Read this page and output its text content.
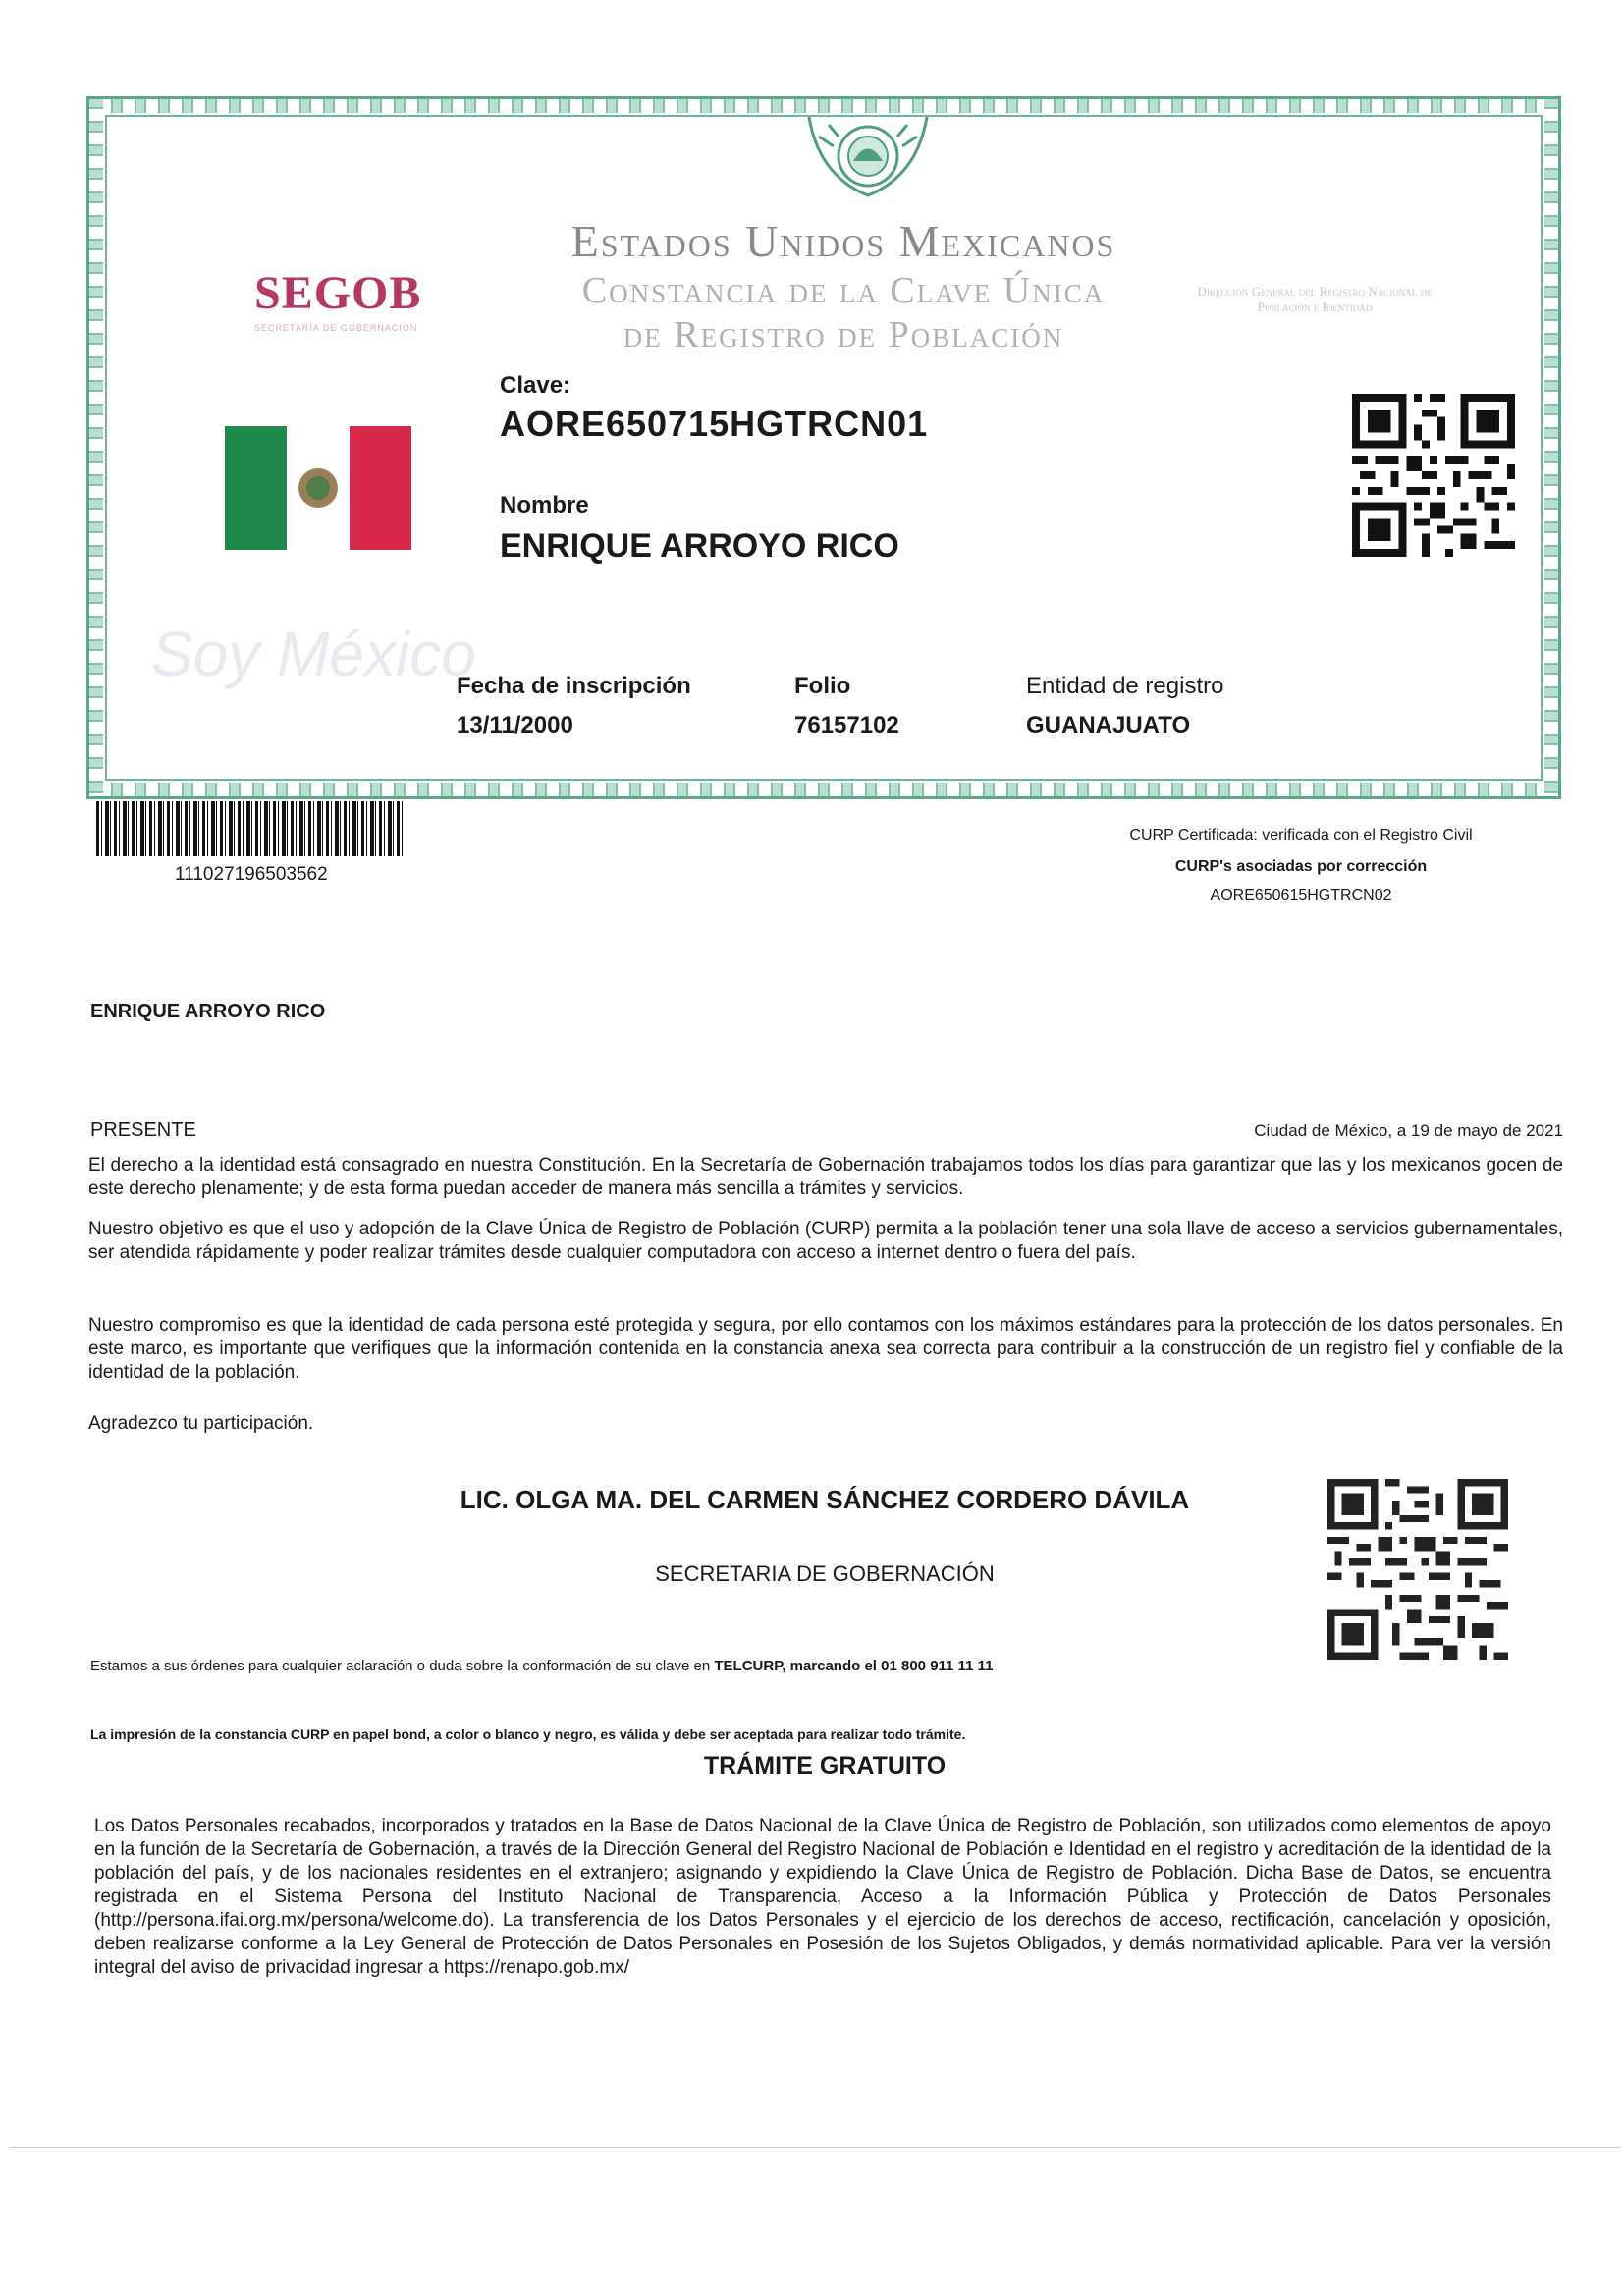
SEGOB
SECRETARÍA DE GOBERNACIÓN
Estados Unidos Mexicanos
Constancia de la Clave Única
de Registro de Población
Dirección General del Registro Nacional de Población e Identidad
Soy México
Clave:
AORE650715HGTRCN01
Nombre
ENRIQUE ARROYO RICO
Fecha de inscripción
13/11/2000
Folio
76157102
Entidad de registro
GUANAJUATO
111027196503562
CURP Certificada: verificada con el Registro Civil
CURP's asociadas por corrección
AORE650615HGTRCN02
ENRIQUE ARROYO RICO
PRESENTE	Ciudad de México, a 19 de mayo de 2021
El derecho a la identidad está consagrado en nuestra Constitución. En la Secretaría de Gobernación trabajamos todos los días para garantizar que las y los mexicanos gocen de este derecho plenamente; y de esta forma puedan acceder de manera más sencilla a trámites y servicios.
Nuestro objetivo es que el uso y adopción de la Clave Única de Registro de Población (CURP) permita a la población tener una sola llave de acceso a servicios gubernamentales, ser atendida rápidamente y poder realizar trámites desde cualquier computadora con acceso a internet dentro o fuera del país.
Nuestro compromiso es que la identidad de cada persona esté protegida y segura, por ello contamos con los máximos estándares para la protección de los datos personales. En este marco, es importante que verifiques que la información contenida en la constancia anexa sea correcta para contribuir a la construcción de un registro fiel y confiable de la identidad de la población.
Agradezco tu participación.
LIC. OLGA MA. DEL CARMEN SÁNCHEZ CORDERO DÁVILA
SECRETARIA DE GOBERNACIÓN
Estamos a sus órdenes para cualquier aclaración o duda sobre la conformación de su clave en TELCURP, marcando el 01 800 911 11 11
La impresión de la constancia CURP en papel bond, a color o blanco y negro, es válida y debe ser aceptada para realizar todo trámite.
TRÁMITE GRATUITO
Los Datos Personales recabados, incorporados y tratados en la Base de Datos Nacional de la Clave Única de Registro de Población, son utilizados como elementos de apoyo en la función de la Secretaría de Gobernación, a través de la Dirección General del Registro Nacional de Población e Identidad en el registro y acreditación de la identidad de la población del país, y de los nacionales residentes en el extranjero; asignando y expidiendo la Clave Única de Registro de Población. Dicha Base de Datos, se encuentra registrada en el Sistema Persona del Instituto Nacional de Transparencia, Acceso a la Información Pública y Protección de Datos Personales (http://persona.ifai.org.mx/persona/welcome.do). La transferencia de los Datos Personales y el ejercicio de los derechos de acceso, rectificación, cancelación y oposición, deben realizarse conforme a la Ley General de Protección de Datos Personales en Posesión de los Sujetos Obligados, y demás normatividad aplicable. Para ver la versión integral del aviso de privacidad ingresar a https://renapo.gob.mx/
